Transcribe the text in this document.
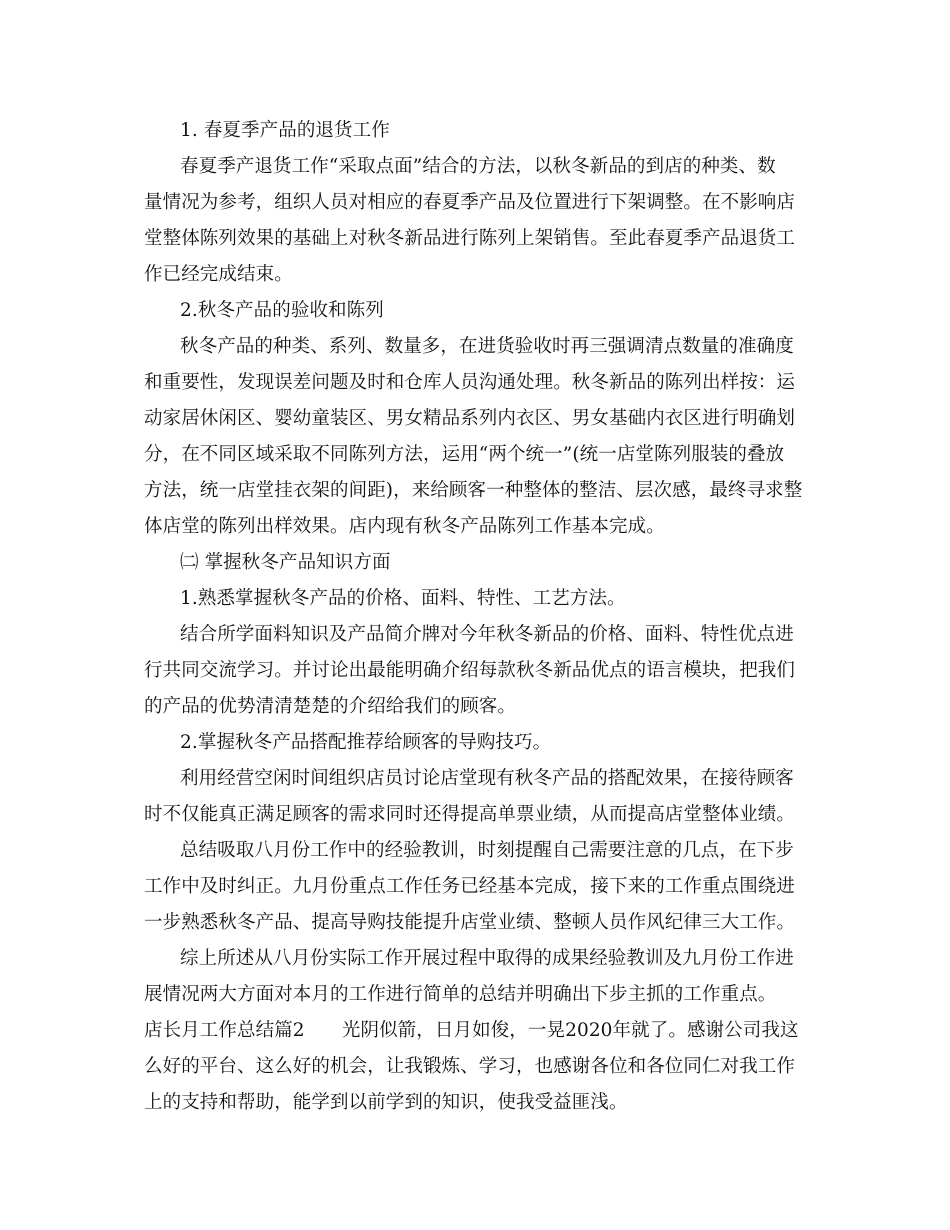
1. 春夏季产品的退货工作
春夏季产退货工作“采取点面”结合的方法，以秋冬新品的到店的种类、数
量情况为参考，组织人员对相应的春夏季产品及位置进行下架调整。在不影响店
堂整体陈列效果的基础上对秋冬新品进行陈列上架销售。至此春夏季产品退货工
作已经完成结束。
2.秋冬产品的验收和陈列
秋冬产品的种类、系列、数量多，在进货验收时再三强调清点数量的准确度
和重要性，发现误差问题及时和仓库人员沟通处理。秋冬新品的陈列出样按：运
动家居休闲区、婴幼童装区、男女精品系列内衣区、男女基础内衣区进行明确划
分，在不同区域采取不同陈列方法，运用“两个统一”(统一店堂陈列服装的叠放
方法，统一店堂挂衣架的间距)，来给顾客一种整体的整洁、层次感，最终寻求整
体店堂的陈列出样效果。店内现有秋冬产品陈列工作基本完成。
㈡ 掌握秋冬产品知识方面
1.熟悉掌握秋冬产品的价格、面料、特性、工艺方法。
结合所学面料知识及产品简介牌对今年秋冬新品的价格、面料、特性优点进
行共同交流学习。并讨论出最能明确介绍每款秋冬新品优点的语言模块，把我们
的产品的优势清清楚楚的介绍给我们的顾客。
2.掌握秋冬产品搭配推荐给顾客的导购技巧。
利用经营空闲时间组织店员讨论店堂现有秋冬产品的搭配效果，在接待顾客
时不仅能真正满足顾客的需求同时还得提高单票业绩，从而提高店堂整体业绩。
总结吸取八月份工作中的经验教训，时刻提醒自己需要注意的几点，在下步
工作中及时纠正。九月份重点工作任务已经基本完成，接下来的工作重点围绕进
一步熟悉秋冬产品、提高导购技能提升店堂业绩、整顿人员作风纪律三大工作。
综上所述从八月份实际工作开展过程中取得的成果经验教训及九月份工作进
展情况两大方面对本月的工作进行简单的总结并明确出下步主抓的工作重点。
店长月工作总结篇2　　光阴似箭，日月如俊，一晃2020年就了。感谢公司我这
么好的平台、这么好的机会，让我锻炼、学习，也感谢各位和各位同仁对我工作
上的支持和帮助，能学到以前学到的知识，使我受益匪浅。
